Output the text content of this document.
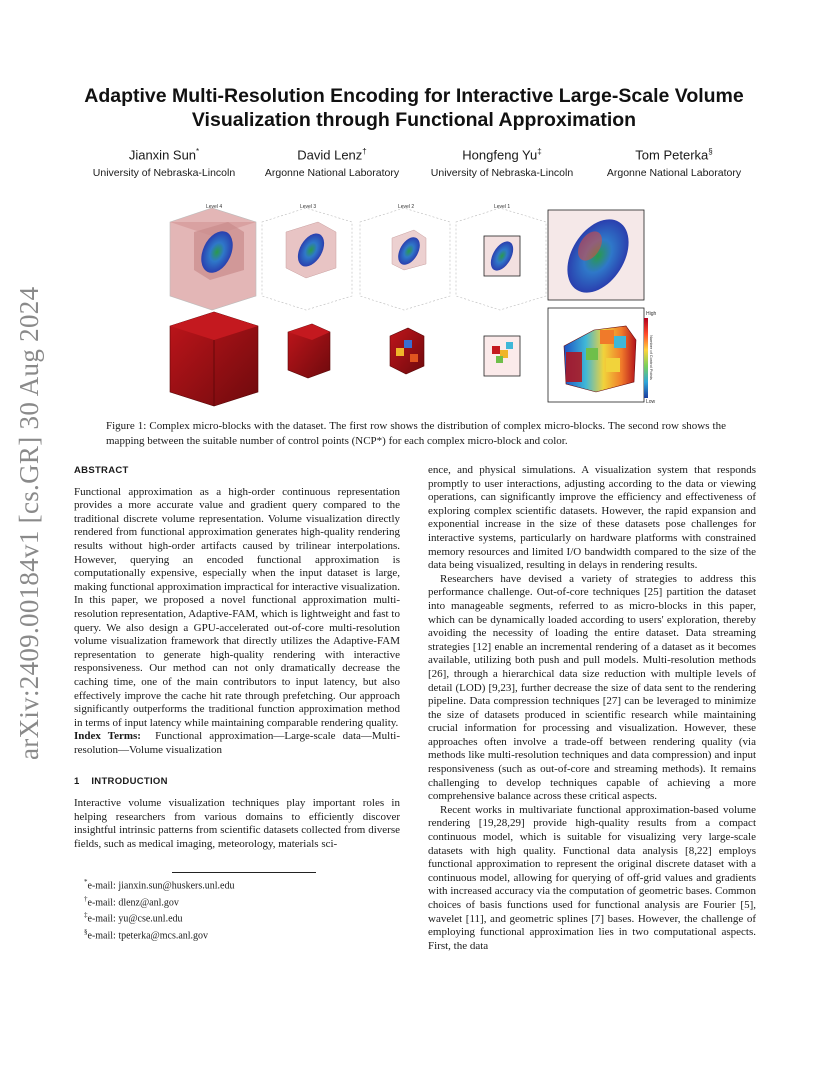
arXiv:2409.00184v1 [cs.GR] 30 Aug 2024
Adaptive Multi-Resolution Encoding for Interactive Large-Scale Volume Visualization through Functional Approximation
Jianxin Sun*
University of Nebraska-Lincoln
David Lenz†
Argonne National Laboratory
Hongfeng Yu‡
University of Nebraska-Lincoln
Tom Peterka§
Argonne National Laboratory
Level 4	Level 3	Level 2	Level 1
High
Low
Number of Control Points
Figure 1: Complex micro-blocks with the dataset. The first row shows the distribution of complex micro-blocks. The second row shows the mapping between the suitable number of control points (NCP*) for each complex micro-block and color.

ABSTRACT

Functional approximation as a high-order continuous representation provides a more accurate value and gradient query compared to the traditional discrete volume representation. Volume visualization directly rendered from functional approximation generates high-quality rendering results without high-order artifacts caused by trilinear interpolations. However, querying an encoded functional approximation is computationally expensive, especially when the input dataset is large, making functional approximation impractical for interactive visualization. In this paper, we proposed a novel functional approximation multi-resolution representation, Adaptive-FAM, which is lightweight and fast to query. We also design a GPU-accelerated out-of-core multi-resolution volume visualization framework that directly utilizes the Adaptive-FAM representation to generate high-quality rendering with interactive responsiveness. Our method can not only dramatically decrease the caching time, one of the main contributors to input latency, but also effectively improve the cache hit rate through prefetching. Our approach significantly outperforms the traditional function approximation method in terms of input latency while maintaining comparable rendering quality.

Index Terms: Functional approximation—Large-scale data—Multi-resolution—Volume visualization

1 INTRODUCTION

Interactive volume visualization techniques play important roles in helping researchers from various domains to efficiently discover insightful intrinsic patterns from scientific datasets collected from diverse fields, such as medical imaging, meteorology, materials sci-

*e-mail: jianxin.sun@huskers.unl.edu
†e-mail: dlenz@anl.gov
‡e-mail: yu@cse.unl.edu
§e-mail: tpeterka@mcs.anl.gov

ence, and physical simulations. A visualization system that responds promptly to user interactions, adjusting according to the data or viewing operations, can significantly improve the efficiency and effectiveness of exploring complex scientific datasets. However, the rapid expansion and exponential increase in the size of these datasets pose challenges for interactive systems, particularly on hardware platforms with constrained memory resources and limited I/O bandwidth compared to the size of the data being visualized, resulting in delays in rendering results.

Researchers have devised a variety of strategies to address this performance challenge. Out-of-core techniques [25] partition the dataset into manageable segments, referred to as micro-blocks in this paper, which can be dynamically loaded according to users' exploration, thereby avoiding the necessity of loading the entire dataset. Data streaming strategies [12] enable an incremental rendering of a dataset as it becomes available, utilizing both push and pull models. Multi-resolution methods [26], through a hierarchical data size reduction with multiple levels of detail (LOD) [9,23], further decrease the size of data sent to the rendering pipeline. Data compression techniques [27] can be leveraged to minimize the size of datasets produced in scientific research while maintaining crucial information for processing and visualization. However, these approaches often involve a trade-off between rendering quality (via methods like multi-resolution techniques and data compression) and input responsiveness (such as out-of-core and streaming methods). It remains challenging to develop techniques capable of achieving a more comprehensive balance across these critical aspects.

Recent works in multivariate functional approximation-based volume rendering [19,28,29] provide high-quality results from a compact continuous model, which is suitable for visualizing very large-scale datasets with high quality. Functional data analysis [8,22] employs functional approximation to represent the original discrete dataset with a continuous model, allowing for querying of off-grid values and gradients with increased accuracy via the computation of geometric bases. Common choices of basis functions used for functional analysis are Fourier [5], wavelet [11], and geometric splines [7] bases. However, the challenge of employing functional approximation lies in two computational aspects. First, the data
